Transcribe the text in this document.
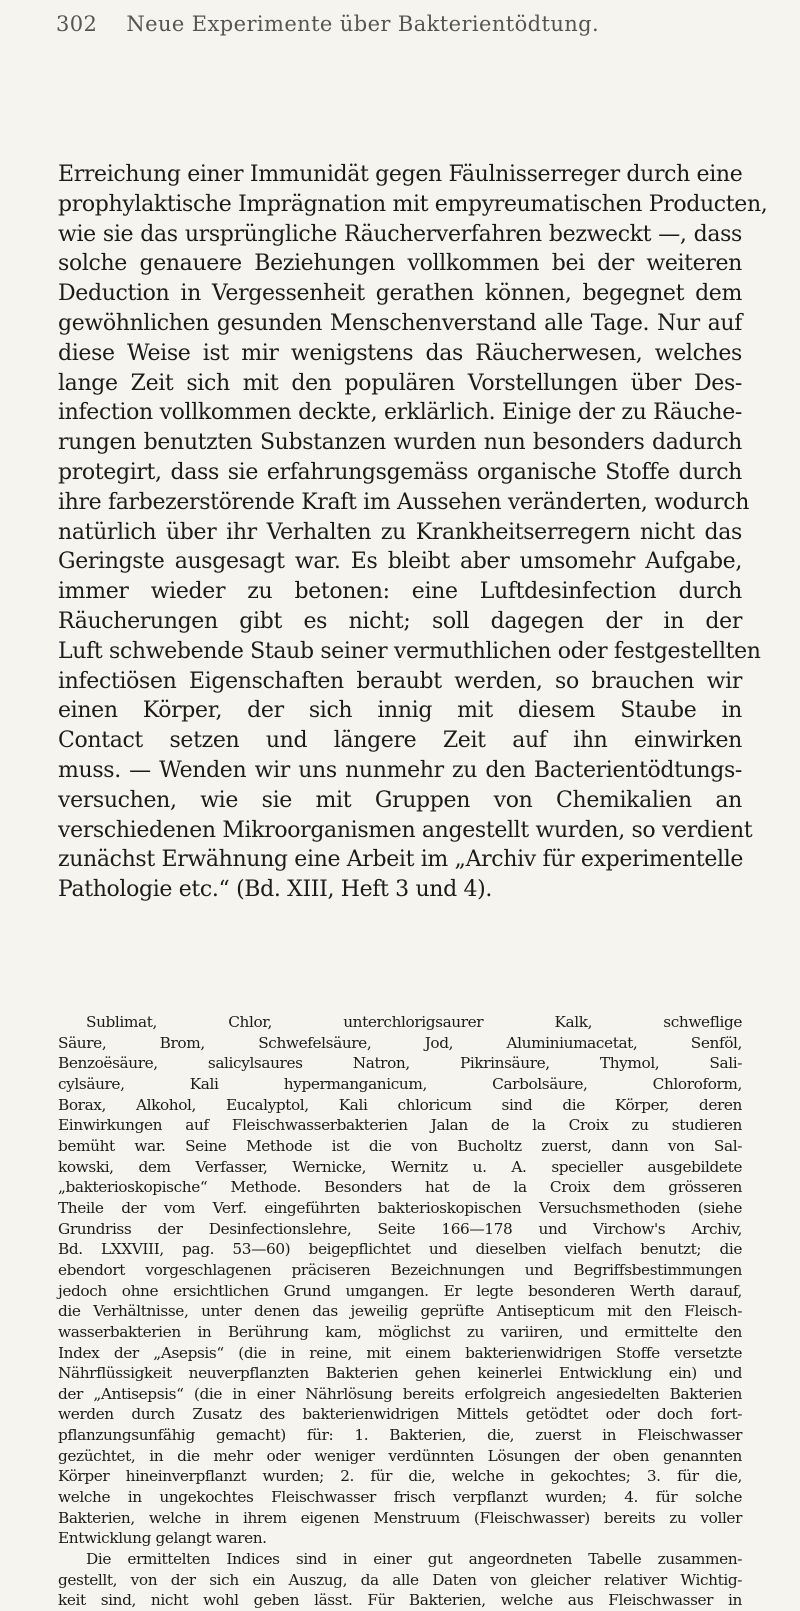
302 Neue Experimente über Bakterientödtung.
Erreichung einer Immunidät gegen Fäulnisserreger durch eine
prophylaktische Imprägnation mit empyreumatischen Producten,
wie sie das ursprüngliche Räucherverfahren bezweckt —, dass
solche genauere Beziehungen vollkommen bei der weiteren
Deduction in Vergessenheit gerathen können, begegnet dem
gewöhnlichen gesunden Menschenverstand alle Tage. Nur auf
diese Weise ist mir wenigstens das Räucherwesen, welches
lange Zeit sich mit den populären Vorstellungen über Des-
infection vollkommen deckte, erklärlich. Einige der zu Räuche-
rungen benutzten Substanzen wurden nun besonders dadurch
protegirt, dass sie erfahrungsgemäss organische Stoffe durch
ihre farbezerstörende Kraft im Aussehen veränderten, wodurch
natürlich über ihr Verhalten zu Krankheitserregern nicht das
Geringste ausgesagt war. Es bleibt aber umsomehr Aufgabe,
immer wieder zu betonen: eine Luftdesinfection durch
Räucherungen gibt es nicht; soll dagegen der in der
Luft schwebende Staub seiner vermuthlichen oder festgestellten
infectiösen Eigenschaften beraubt werden, so brauchen wir
einen Körper, der sich innig mit diesem Staube in
Contact setzen und längere Zeit auf ihn einwirken
muss. — Wenden wir uns nunmehr zu den Bacterientödtungs-
versuchen, wie sie mit Gruppen von Chemikalien an
verschiedenen Mikroorganismen angestellt wurden, so verdient
zunächst Erwähnung eine Arbeit im „Archiv für experimentelle
Pathologie etc.“ (Bd. XIII, Heft 3 und 4).
Sublimat, Chlor, unterchlorigsaurer Kalk, schweflige
Säure, Brom, Schwefelsäure, Jod, Aluminiumacetat, Senföl,
Benzoësäure, salicylsaures Natron, Pikrinsäure, Thymol, Sali-
cylsäure, Kali hypermanganicum, Carbolsäure, Chloroform,
Borax, Alkohol, Eucalyptol, Kali chloricum sind die Körper, deren
Einwirkungen auf Fleischwasserbakterien Jalan de la Croix zu studieren
bemüht war. Seine Methode ist die von Bucholtz zuerst, dann von Sal-
kowski, dem Verfasser, Wernicke, Wernitz u. A. specieller ausgebildete
„bakterioskopische“ Methode. Besonders hat de la Croix dem grösseren
Theile der vom Verf. eingeführten bakterioskopischen Versuchsmethoden (siehe
Grundriss der Desinfectionslehre, Seite 166—178 und Virchow's Archiv,
Bd. LXXVIII, pag. 53—60) beigepflichtet und dieselben vielfach benutzt; die
ebendort vorgeschlagenen präciseren Bezeichnungen und Begriffsbestimmungen
jedoch ohne ersichtlichen Grund umgangen. Er legte besonderen Werth darauf,
die Verhältnisse, unter denen das jeweilig geprüfte Antisepticum mit den Fleisch-
wasserbakterien in Berührung kam, möglichst zu variiren, und ermittelte den
Index der „Asepsis“ (die in reine, mit einem bakterienwidrigen Stoffe versetzte
Nährflüssigkeit neuverpflanzten Bakterien gehen keinerlei Entwicklung ein) und
der „Antisepsis“ (die in einer Nährlösung bereits erfolgreich angesiedelten Bakterien
werden durch Zusatz des bakterienwidrigen Mittels getödtet oder doch fort-
pflanzungsunfähig gemacht) für: 1. Bakterien, die, zuerst in Fleischwasser
gezüchtet, in die mehr oder weniger verdünnten Lösungen der oben genannten
Körper hineinverpflanzt wurden; 2. für die, welche in gekochtes; 3. für die,
welche in ungekochtes Fleischwasser frisch verpflanzt wurden; 4. für solche
Bakterien, welche in ihrem eigenen Menstruum (Fleischwasser) bereits zu voller
Entwicklung gelangt waren.
Die ermittelten Indices sind in einer gut angeordneten Tabelle zusammen-
gestellt, von der sich ein Auszug, da alle Daten von gleicher relativer Wichtig-
keit sind, nicht wohl geben lässt. Für Bakterien, welche aus Fleischwasser in
